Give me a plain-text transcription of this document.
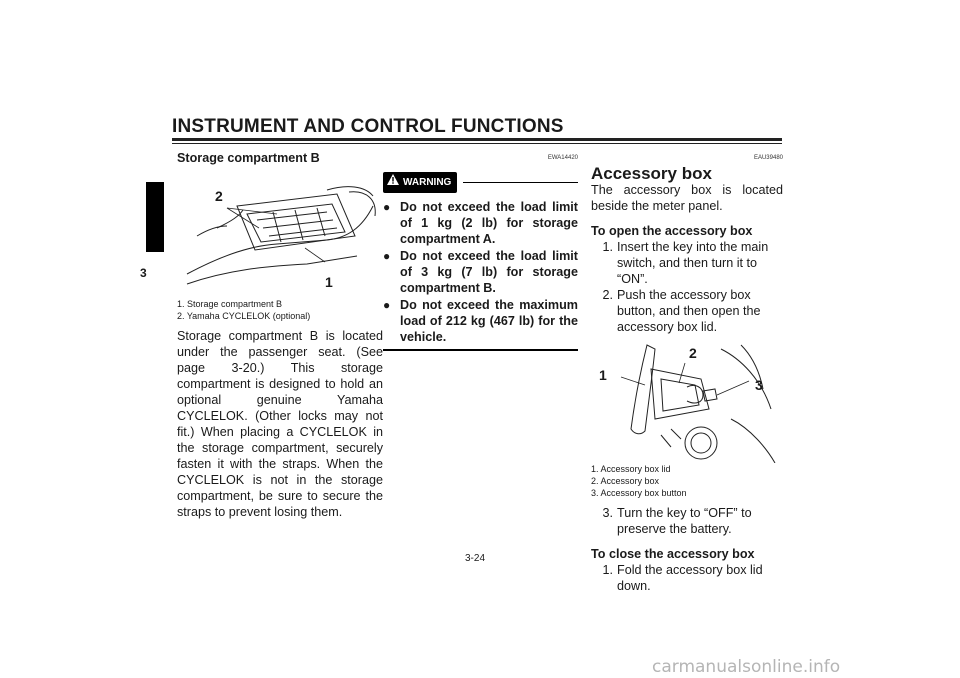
INSTRUMENT AND CONTROL FUNCTIONS
3

Storage compartment B

2
1

1. Storage compartment B

2. Yamaha CYCLELOK (optional)

Storage compartment B is located under the passenger seat. (See page 3-20.) This storage compartment is designed to hold an optional genuine Yamaha CYCLELOK. (Other locks may not fit.) When placing a CYCLELOK in the storage compartment, securely fasten it with the straps. When the CYCLELOK is not in the storage compartment, be sure to secure the straps to prevent losing them.

EWA14420

WARNING
● Do not exceed the load limit of 1 kg (2 lb) for storage compartment A.
● Do not exceed the load limit of 3 kg (7 lb) for storage compartment B.
● Do not exceed the maximum load of 212 kg (467 lb) for the vehicle.

EAU39480

Accessory box

The accessory box is located beside the meter panel.

To open the accessory box

1. Insert the key into the main switch, and then turn it to “ON”.
2. Push the accessory box button, and then open the accessory box lid.
1
2
3

1. Accessory box lid

2. Accessory box

3. Accessory box button

3. Turn the key to “OFF” to preserve the battery.

To close the accessory box

1. Fold the accessory box lid down.
3-24
carmanualsonline.info
